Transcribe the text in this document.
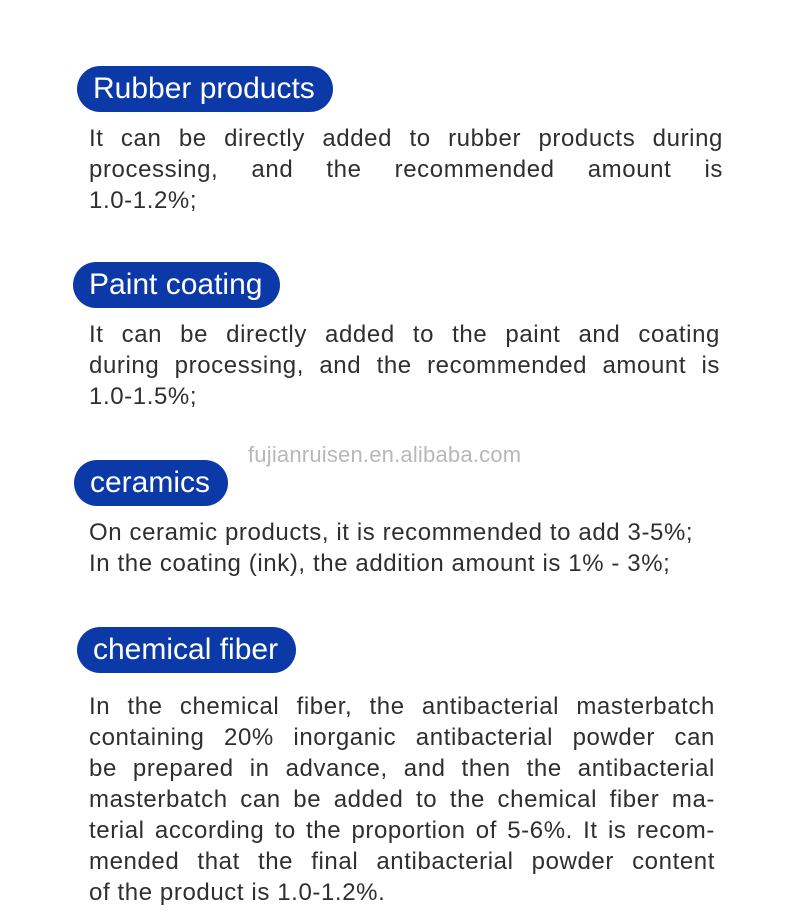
Rubber products
It can be directly added to rubber products during
processing, and the recommended amount is
1.0-1.2%;
Paint coating
It can be directly added to the paint and coating
during processing, and the recommended amount is
1.0-1.5%;
fujianruisen.en.alibaba.com
ceramics
On ceramic products, it is recommended to add 3-5%;
In the coating (ink), the addition amount is 1% - 3%;
chemical fiber
In the chemical fiber, the antibacterial masterbatch
containing 20% inorganic antibacterial powder can
be prepared in advance, and then the antibacterial
masterbatch can be added to the chemical fiber ma-
terial according to the proportion of 5-6%. It is recom-
mended that the final antibacterial powder content
of the product is 1.0-1.2%.
